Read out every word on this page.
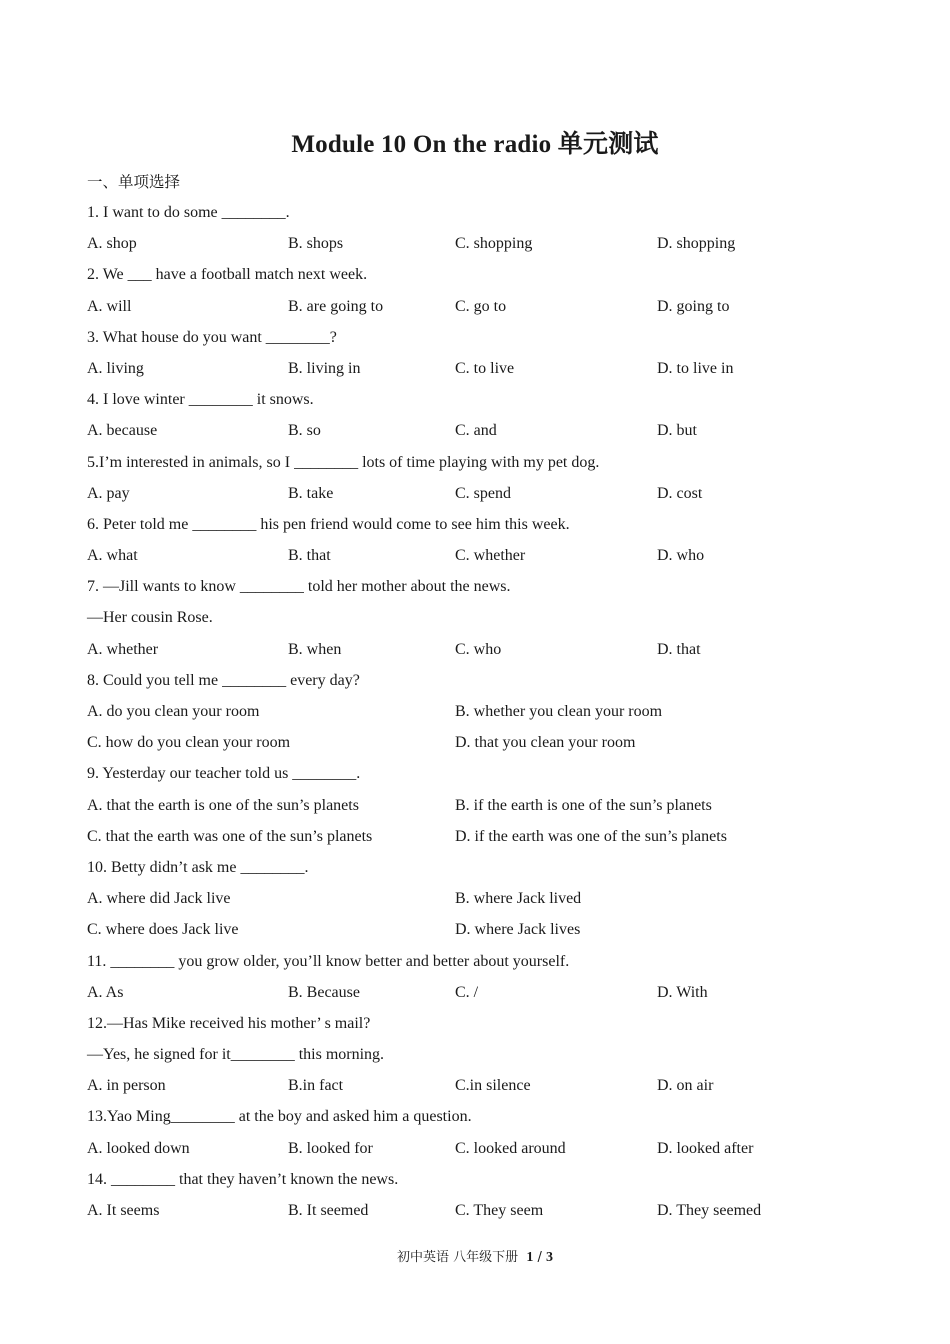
Module 10 On the radio 单元测试
一、单项选择
1. I want to do some ________.
A. shop	B. shops	C. shopping	D. shopping
2. We ___ have a football match next week.
A. will	B. are going to	C. go to	D. going to
3. What house do you want ________?
A. living	B. living in	C. to live	D. to live in
4. I love winter ________ it snows.
A. because	B. so	C. and	D. but
5.I’m interested in animals, so I ________ lots of time playing with my pet dog.
A. pay	B. take	C. spend	D. cost
6. Peter told me ________ his pen friend would come to see him this week.
A. what	B. that	C. whether	D. who
7. —Jill wants to know ________ told her mother about the news.
—Her cousin Rose.
A. whether	B. when	C. who	D. that
8. Could you tell me ________ every day?
A. do you clean your room	B. whether you clean your room
C. how do you clean your room	D. that you clean your room
9. Yesterday our teacher told us ________.
A. that the earth is one of the sun’s planets	B. if the earth is one of the sun’s planets
C. that the earth was one of the sun’s planets	D. if the earth was one of the sun’s planets
10. Betty didn’t ask me ________.
A. where did Jack live	B. where Jack lived
C. where does Jack live	D. where Jack lives
11. ________ you grow older, you’ll know better and better about yourself.
A. As	B. Because	C. /	D. With
12.—Has Mike received his mother’ s mail?
—Yes, he signed for it________ this morning.
A. in person	B.in fact	C.in silence	D. on air
13.Yao Ming________ at the boy and asked him a question.
A. looked down	B. looked for	C. looked around	D. looked after
14. ________ that they haven’t known the news.
A. It seems	B. It seemed	C. They seem	D. They seemed
初中英语 八年级下册 1 / 3
